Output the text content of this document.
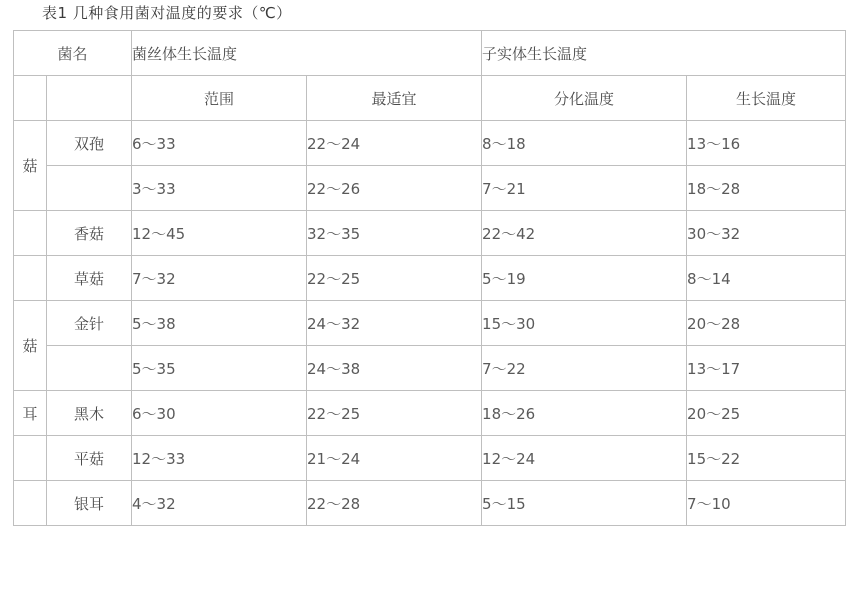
表1 几种食用菌对温度的要求（℃）
菌名		菌丝体生长温度		子实体生长温度	
		范围	最适宜	分化温度	生长温度
菇	双孢	6～33	22～24	8～18	13～16
		3～33	22～26	7～21	18～28
	香菇	12～45	32～35	22～42	30～32
	草菇	7～32	22～25	5～19	8～14
菇	金针	5～38	24～32	15～30	20～28
		5～35	24～38	7～22	13～17
耳	黑木	6～30	22～25	18～26	20～25
	平菇	12～33	21～24	12～24	15～22
	银耳	4～32	22～28	5～15	7～10
